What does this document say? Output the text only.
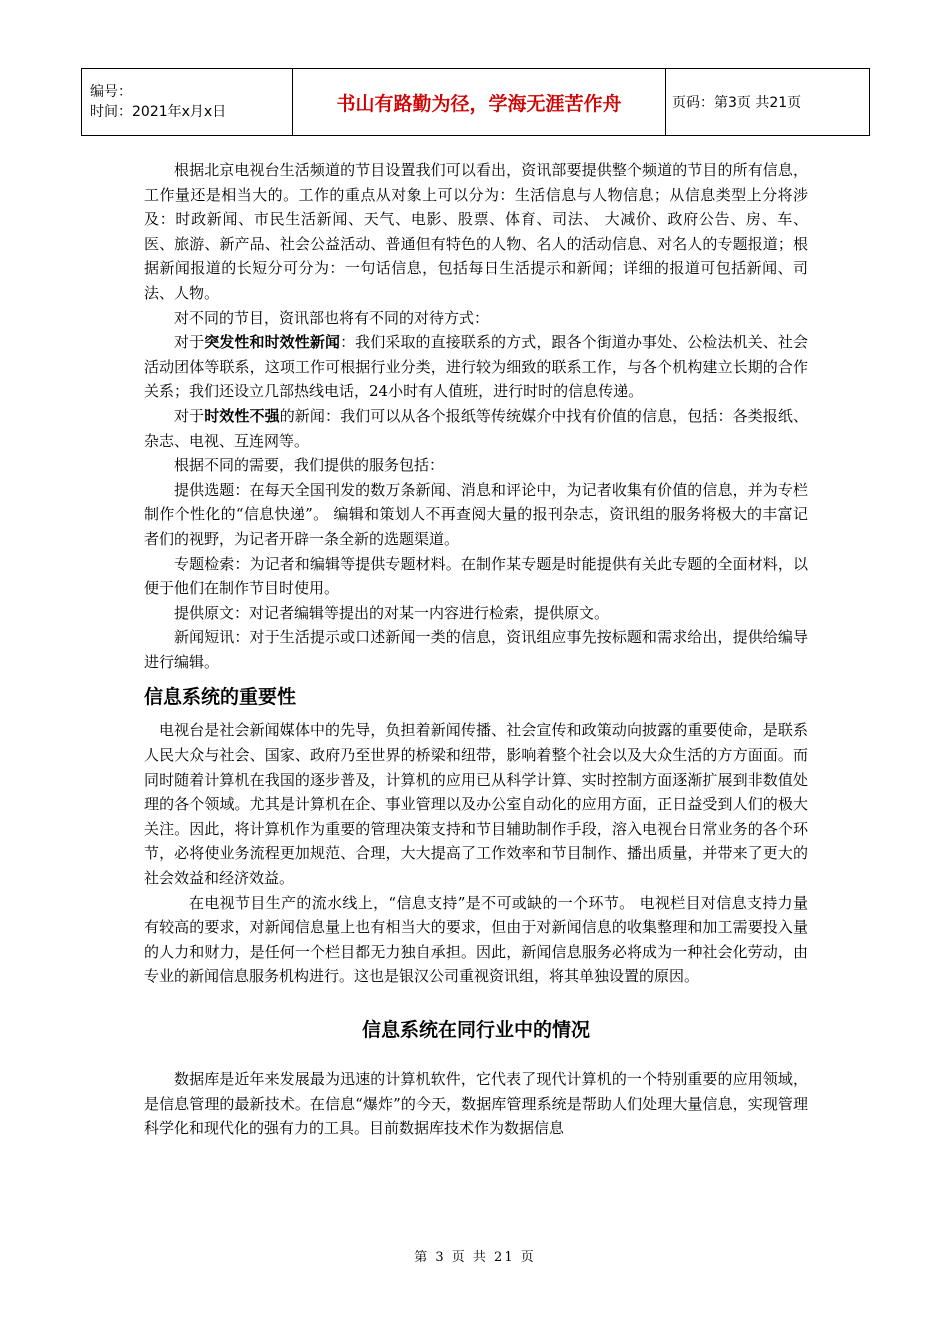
编号：
时间：2021年x月x日	书山有路勤为径，学海无涯苦作舟	页码：第3页 共21页

根据北京电视台生活频道的节目设置我们可以看出，资讯部要提供整个频道的节目的所有信息，工作量还是相当大的。工作的重点从对象上可以分为：生活信息与人物信息；从信息类型上分将涉及：时政新闻、市民生活新闻、天气、电影、股票、体育、司法、 大减价、政府公告、房、车、医、旅游、新产品、社会公益活动、普通但有特色的人物、名人的活动信息、对名人的专题报道；根据新闻报道的长短分可分为：一句话信息，包括每日生活提示和新闻；详细的报道可包括新闻、司法、人物。

对不同的节目，资讯部也将有不同的对待方式：

对于突发性和时效性新闻：我们采取的直接联系的方式，跟各个街道办事处、公检法机关、社会活动团体等联系，这项工作可根据行业分类，进行较为细致的联系工作，与各个机构建立长期的合作关系；我们还设立几部热线电话，24小时有人值班，进行时时的信息传递。

对于时效性不强的新闻：我们可以从各个报纸等传统媒介中找有价值的信息，包括：各类报纸、杂志、电视、互连网等。

根据不同的需要，我们提供的服务包括：

提供选题：在每天全国刊发的数万条新闻、消息和评论中，为记者收集有价值的信息，并为专栏制作个性化的“信息快递”。 编辑和策划人不再查阅大量的报刊杂志，资讯组的服务将极大的丰富记者们的视野，为记者开辟一条全新的选题渠道。

专题检索：为记者和编辑等提供专题材料。在制作某专题是时能提供有关此专题的全面材料，以便于他们在制作节目时使用。

提供原文：对记者编辑等提出的对某一内容进行检索，提供原文。

新闻短讯：对于生活提示或口述新闻一类的信息，资讯组应事先按标题和需求给出，提供给编导进行编辑。

信息系统的重要性

电视台是社会新闻媒体中的先导，负担着新闻传播、社会宣传和政策动向披露的重要使命，是联系人民大众与社会、国家、政府乃至世界的桥梁和纽带，影响着整个社会以及大众生活的方方面面。而同时随着计算机在我国的逐步普及，计算机的应用已从科学计算、实时控制方面逐渐扩展到非数值处理的各个领域。尤其是计算机在企、事业管理以及办公室自动化的应用方面，正日益受到人们的极大关注。因此，将计算机作为重要的管理决策支持和节目辅助制作手段，溶入电视台日常业务的各个环节，必将使业务流程更加规范、合理，大大提高了工作效率和节目制作、播出质量，并带来了更大的社会效益和经济效益。

在电视节目生产的流水线上，“信息支持”是不可或缺的一个环节。 电视栏目对信息支持力量有较高的要求，对新闻信息量上也有相当大的要求，但由于对新闻信息的收集整理和加工需要投入量的人力和财力，是任何一个栏目都无力独自承担。因此，新闻信息服务必将成为一种社会化劳动，由专业的新闻信息服务机构进行。这也是银汉公司重视资讯组，将其单独设置的原因。

信息系统在同行业中的情况

数据库是近年来发展最为迅速的计算机软件，它代表了现代计算机的一个特别重要的应用领域，是信息管理的最新技术。在信息“爆炸”的今天，数据库管理系统是帮助人们处理大量信息，实现管理科学化和现代化的强有力的工具。目前数据库技术作为数据信息

第 3 页 共 21 页
